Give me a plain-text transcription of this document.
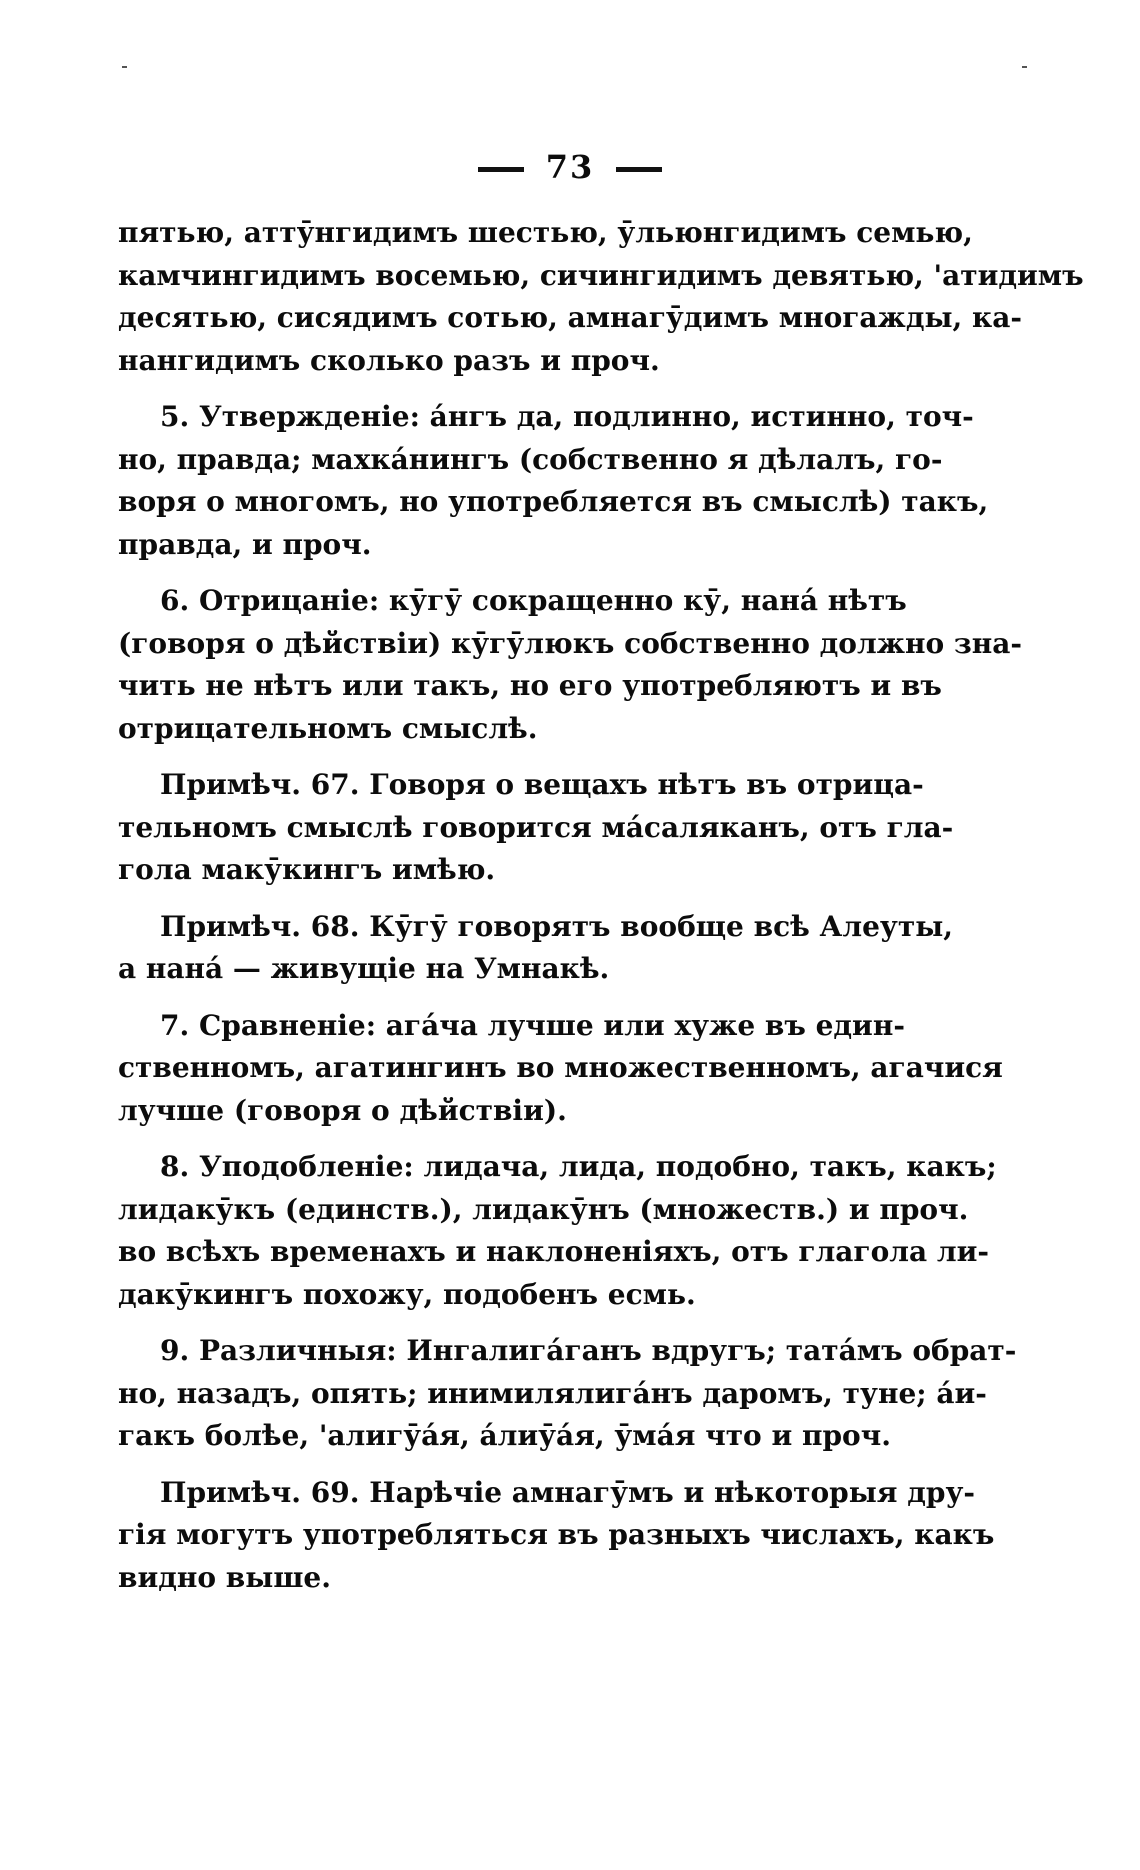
73
пятью, аттӯнгидимъ шестью, ӯльюнгидимъ семью,
камчингидимъ восемью, сичингидимъ девятью, 'атидимъ
десятью, сисядимъ сотью, амнагӯдимъ многажды, ка-
нангидимъ сколько разъ и проч.
5. Утвержденіе: áнгъ да, подлинно, истинно, точ-
но, правда; махкáнингъ (собственно я дѣлалъ, го-
воря о многомъ, но употребляется въ смыслѣ) такъ,
правда, и проч.
6. Отрицаніе: кӯгӯ сокращенно кӯ, нанá нѣтъ
(говоря о дѣйствіи) кӯгӯлюкъ собственно должно зна-
чить не нѣтъ или такъ, но его употребляютъ и въ
отрицательномъ смыслѣ.
Примѣч. 67. Говоря о вещахъ нѣтъ въ отрица-
тельномъ смыслѣ говорится мáсаляканъ, отъ гла-
гола макӯкингъ имѣю.
Примѣч. 68. Кӯгӯ говорятъ вообще всѣ Алеуты,
а нанá — живущіе на Умнакѣ.
7. Сравненіе: агáча лучше или хуже въ един-
ственномъ, агатингинъ во множественномъ, агачися
лучше (говоря о дѣйствіи).
8. Уподобленіе: лидача, лида, подобно, такъ, какъ;
лидакӯкъ (единств.), лидакӯнъ (множеств.) и проч.
во всѣхъ временахъ и наклоненіяхъ, отъ глагола ли-
дакӯкингъ похожу, подобенъ есмь.
9. Различныя: Ингалигáганъ вдругъ; татáмъ обрат-
но, назадъ, опять; инимилялигáнъ даромъ, туне; áи-
гакъ болѣе, 'алигӯáя, áлиӯáя, ӯмáя что и проч.
Примѣч. 69. Нарѣчіе амнагӯмъ и нѣкоторыя дру-
гія могутъ употребляться въ разныхъ числахъ, какъ
видно выше.
